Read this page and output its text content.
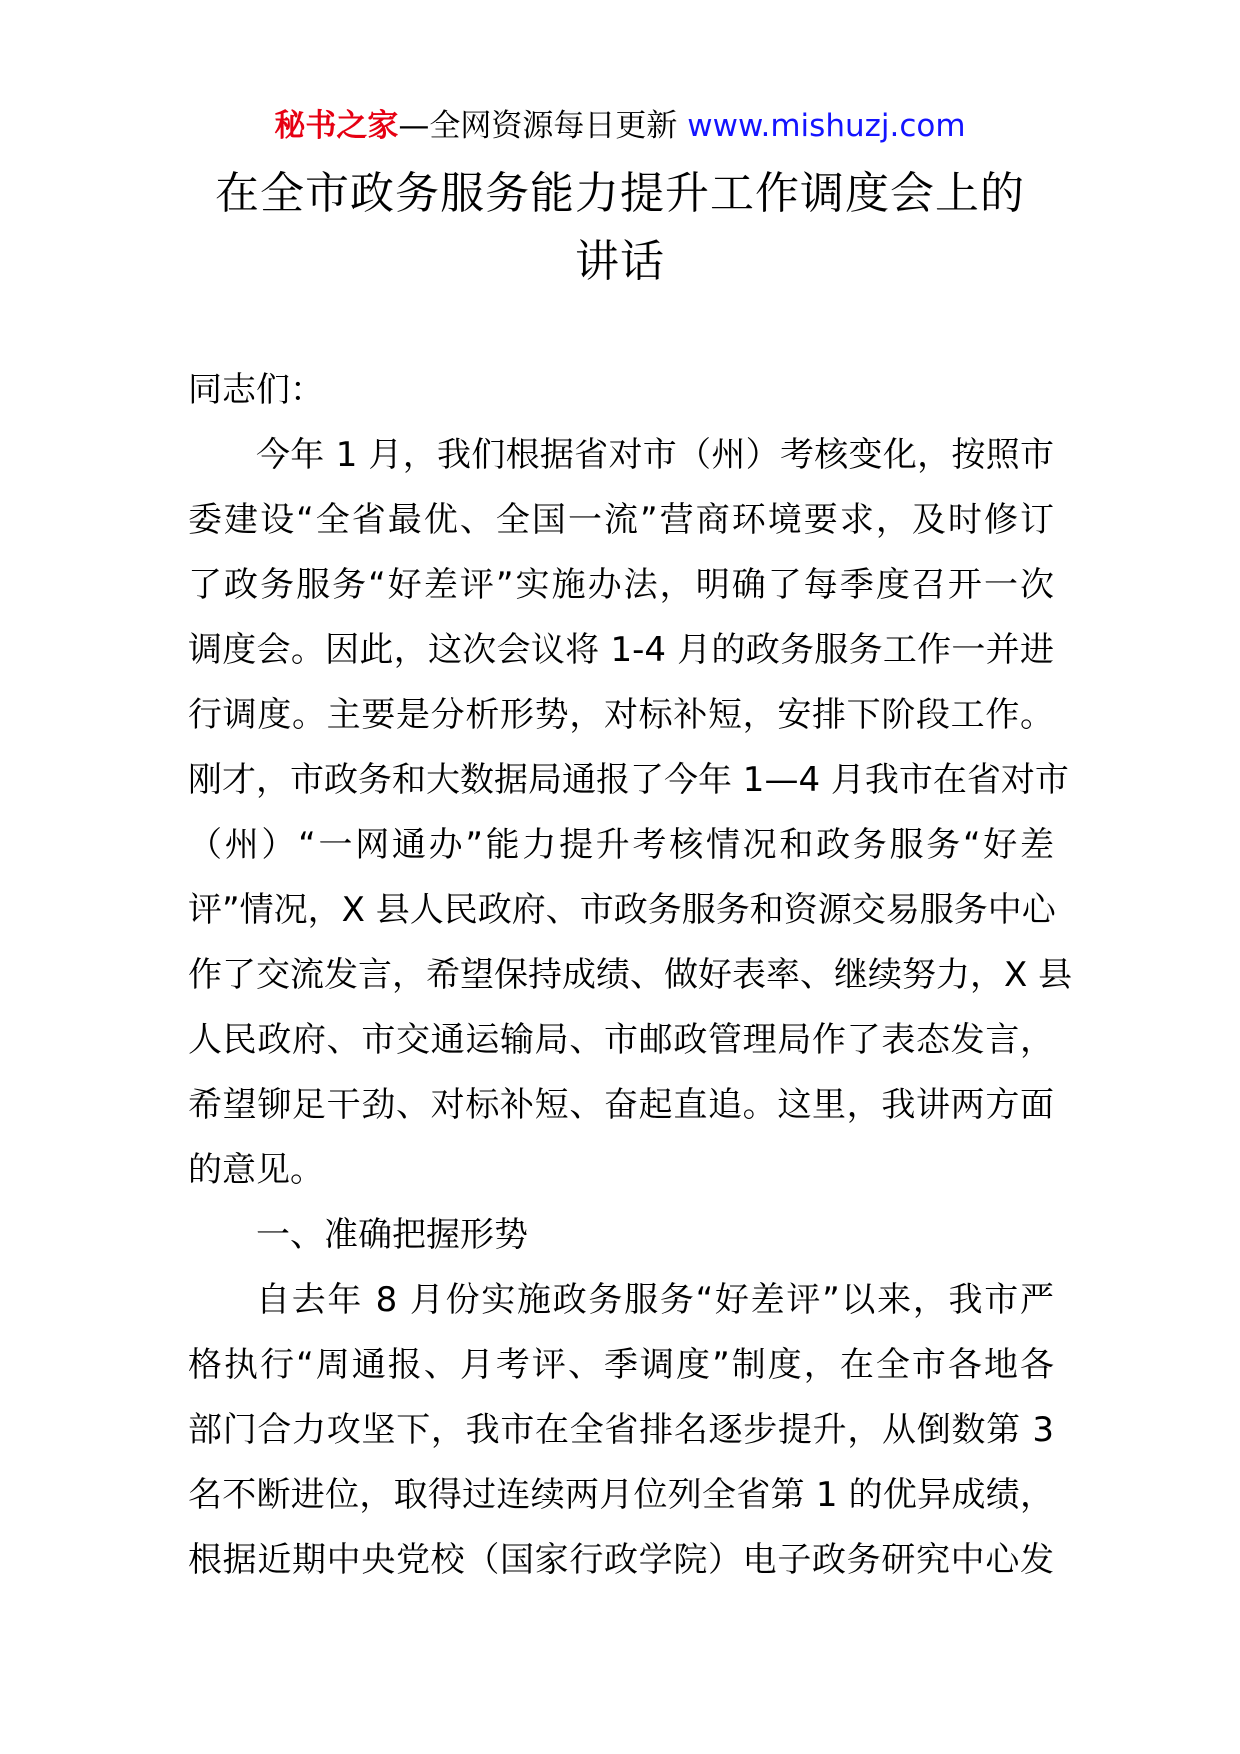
秘书之家—全网资源每日更新 www.mishuzj.com
在全市政务服务能力提升工作调度会上的
讲话
同志们：
今年 1 月，我们根据省对市（州）考核变化，按照市
委建设“全省最优、全国一流”营商环境要求，及时修订
了政务服务“好差评”实施办法，明确了每季度召开一次
调度会。因此，这次会议将 1-4 月的政务服务工作一并进
行调度。主要是分析形势，对标补短，安排下阶段工作。
刚才，市政务和大数据局通报了今年 1—4 月我市在省对市
（州）“一网通办”能力提升考核情况和政务服务“好差
评”情况，X 县人民政府、市政务服务和资源交易服务中心
作了交流发言，希望保持成绩、做好表率、继续努力，X 县
人民政府、市交通运输局、市邮政管理局作了表态发言，
希望铆足干劲、对标补短、奋起直追。这里，我讲两方面
的意见。
一、准确把握形势
自去年 8 月份实施政务服务“好差评”以来，我市严
格执行“周通报、月考评、季调度”制度，在全市各地各
部门合力攻坚下，我市在全省排名逐步提升，从倒数第 3
名不断进位，取得过连续两月位列全省第 1 的优异成绩，
根据近期中央党校（国家行政学院）电子政务研究中心发
